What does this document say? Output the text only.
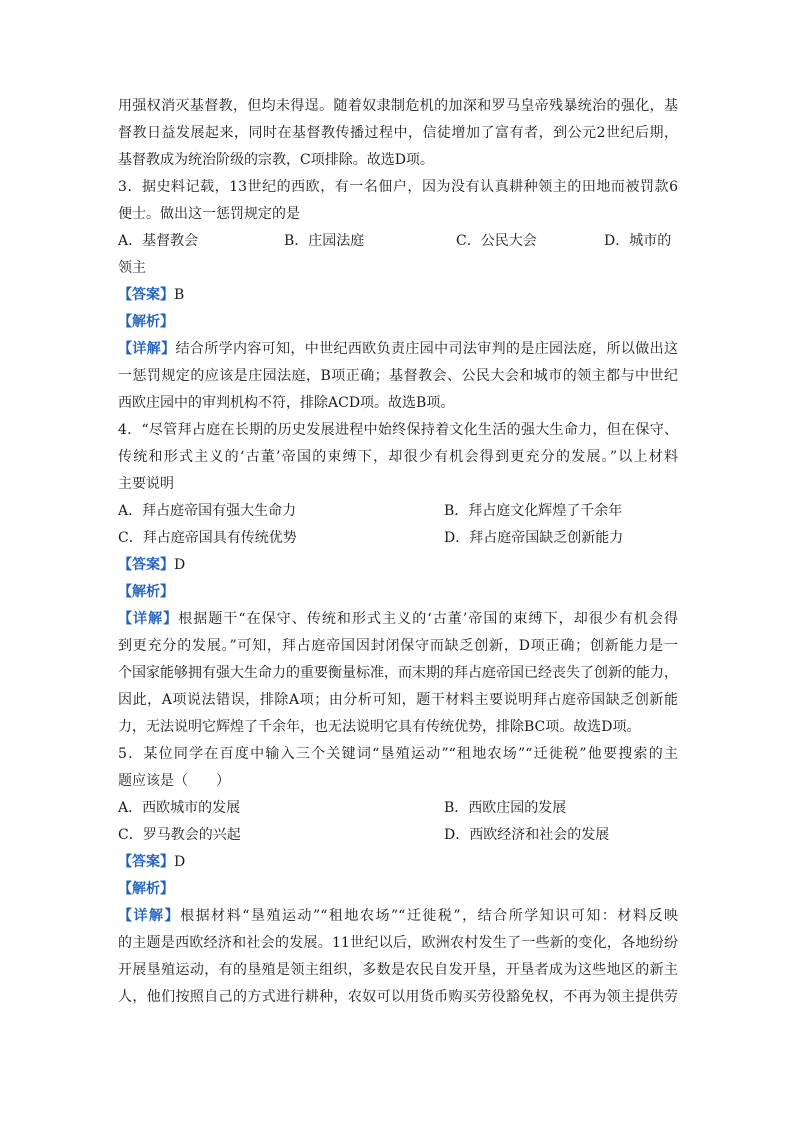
用强权消灭基督教，但均未得逞。随着奴隶制危机的加深和罗马皇帝残暴统治的强化，基
督教日益发展起来，同时在基督教传播过程中，信徒增加了富有者，到公元2世纪后期，
基督教成为统治阶级的宗教，C项排除。故选D项。
3．据史料记载，13世纪的西欧，有一名佃户，因为没有认真耕种领主的田地而被罚款6
便士。做出这一惩罚规定的是
A．基督教会	B．庄园法庭	C．公民大会	D．城市的
领主
【答案】B
【解析】
【详解】结合所学内容可知，中世纪西欧负责庄园中司法审判的是庄园法庭，所以做出这
一惩罚规定的应该是庄园法庭，B项正确；基督教会、公民大会和城市的领主都与中世纪
西欧庄园中的审判机构不符，排除ACD项。故选B项。
4．“尽管拜占庭在长期的历史发展进程中始终保持着文化生活的强大生命力，但在保守、
传统和形式主义的‘古董’帝国的束缚下，却很少有机会得到更充分的发展。”以上材料
主要说明
A．拜占庭帝国有强大生命力	B．拜占庭文化辉煌了千余年
C．拜占庭帝国具有传统优势	D．拜占庭帝国缺乏创新能力
【答案】D
【解析】
【详解】根据题干“在保守、传统和形式主义的‘古董’帝国的束缚下，却很少有机会得
到更充分的发展。”可知，拜占庭帝国因封闭保守而缺乏创新，D项正确；创新能力是一
个国家能够拥有强大生命力的重要衡量标准，而末期的拜占庭帝国已经丧失了创新的能力，
因此，A项说法错误，排除A项；由分析可知，题干材料主要说明拜占庭帝国缺乏创新能
力，无法说明它辉煌了千余年，也无法说明它具有传统优势，排除BC项。故选D项。
5．某位同学在百度中输入三个关键词“垦殖运动”“租地农场”“迁徙税”他要搜索的主
题应该是（　　）
A．西欧城市的发展	B．西欧庄园的发展
C．罗马教会的兴起	D．西欧经济和社会的发展
【答案】D
【解析】
【详解】根据材料“垦殖运动”“租地农场”“迁徙税”，结合所学知识可知：材料反映
的主题是西欧经济和社会的发展。11世纪以后，欧洲农村发生了一些新的变化，各地纷纷
开展垦殖运动，有的垦殖是领主组织，多数是农民自发开垦，开垦者成为这些地区的新主
人，他们按照自己的方式进行耕种，农奴可以用货币购买劳役豁免权，不再为领主提供劳
